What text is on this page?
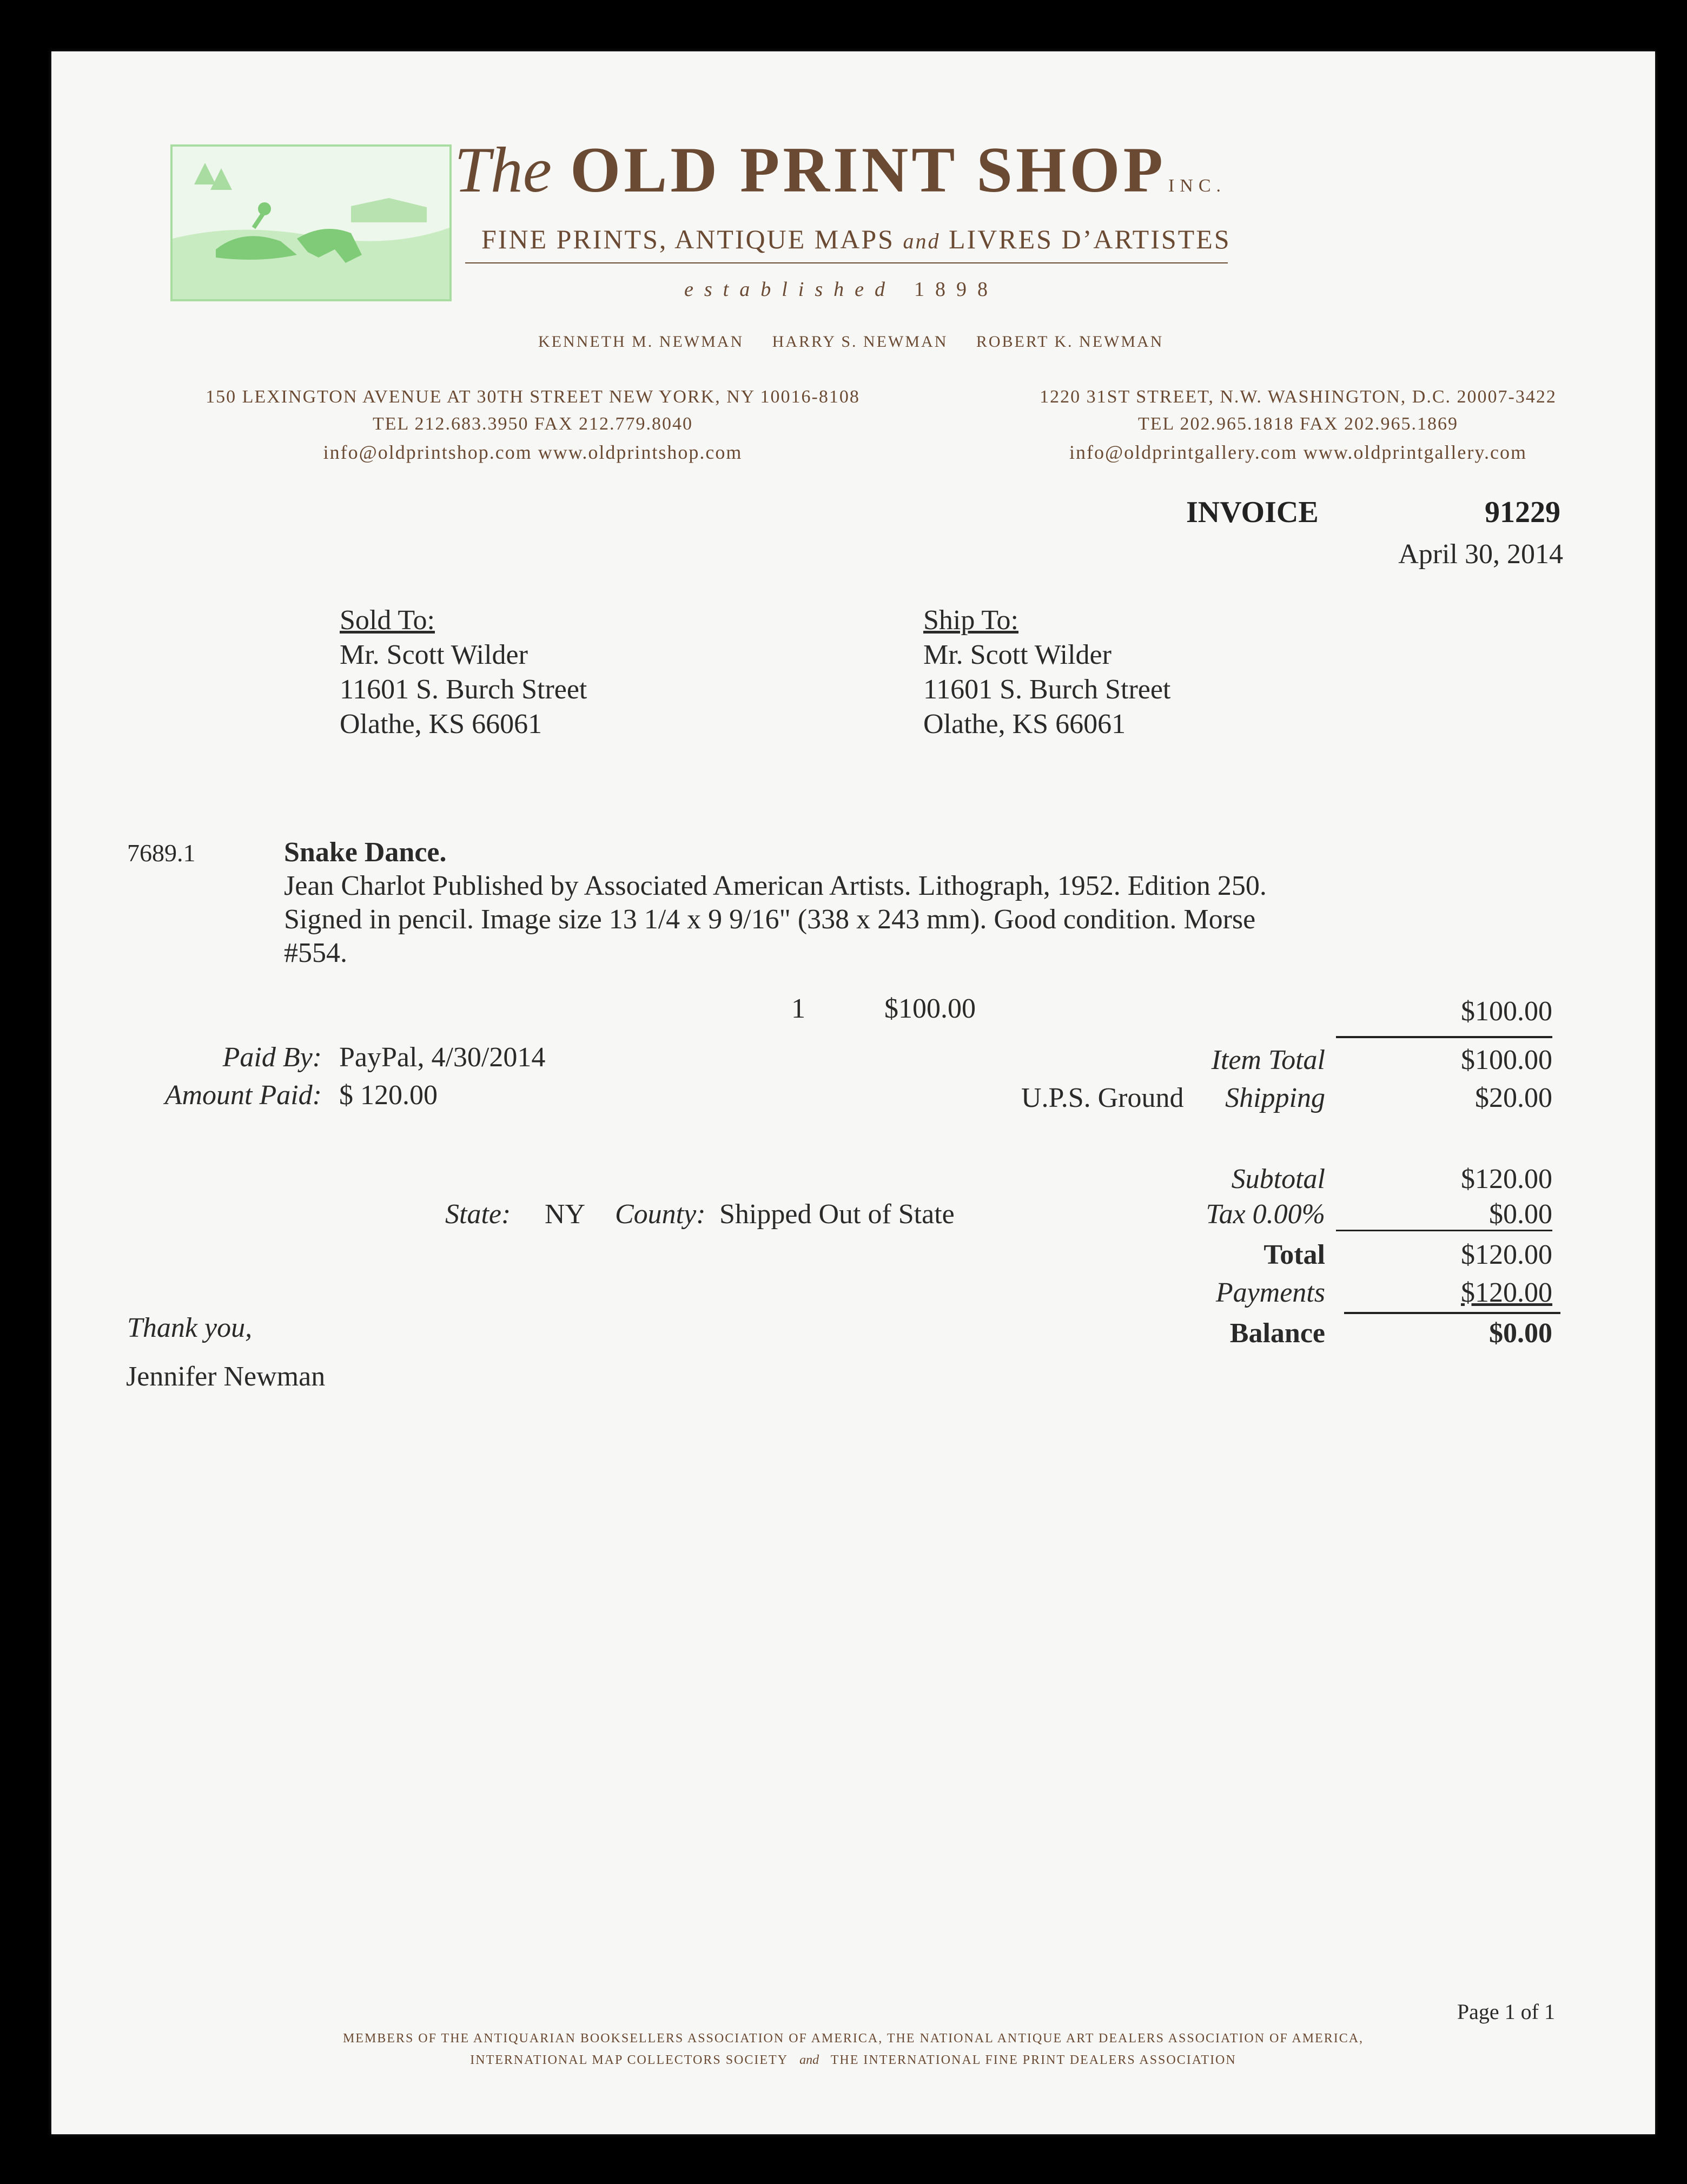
The OLD PRINT SHOP INC.
FINE PRINTS, ANTIQUE MAPS and LIVRES D’ARTISTES
established 1898
KENNETH M. NEWMAN     HARRY S. NEWMAN     ROBERT K. NEWMAN
150 LEXINGTON AVENUE AT 30TH STREET NEW YORK, NY 10016-8108
TEL 212.683.3950 FAX 212.779.8040
info@oldprintshop.com www.oldprintshop.com
1220 31ST STREET, N.W. WASHINGTON, D.C. 20007-3422
TEL 202.965.1818 FAX 202.965.1869
info@oldprintgallery.com www.oldprintgallery.com
INVOICE	91229
April 30, 2014
Sold To:
Mr. Scott Wilder
11601 S. Burch Street
Olathe, KS 66061
Ship To:
Mr. Scott Wilder
11601 S. Burch Street
Olathe, KS 66061
7689.1	Snake Dance.
Jean Charlot Published by Associated American Artists. Lithograph, 1952. Edition 250.
Signed in pencil. Image size 13 1/4 x 9 9/16" (338 x 243 mm). Good condition. Morse
#554.
1	$100.00	$100.00
Paid By: PayPal, 4/30/2014
Amount Paid: $ 120.00
Item Total	$100.00
U.P.S. Ground	Shipping	$20.00
Subtotal	$120.00
State: NY County: Shipped Out of State	Tax 0.00%	$0.00
Total	$120.00
Payments	$120.00
Balance	$0.00
Thank you,
Jennifer Newman
Page 1 of 1
MEMBERS OF THE ANTIQUARIAN BOOKSELLERS ASSOCIATION OF AMERICA, THE NATIONAL ANTIQUE ART DEALERS ASSOCIATION OF AMERICA,
INTERNATIONAL MAP COLLECTORS SOCIETY and THE INTERNATIONAL FINE PRINT DEALERS ASSOCIATION
